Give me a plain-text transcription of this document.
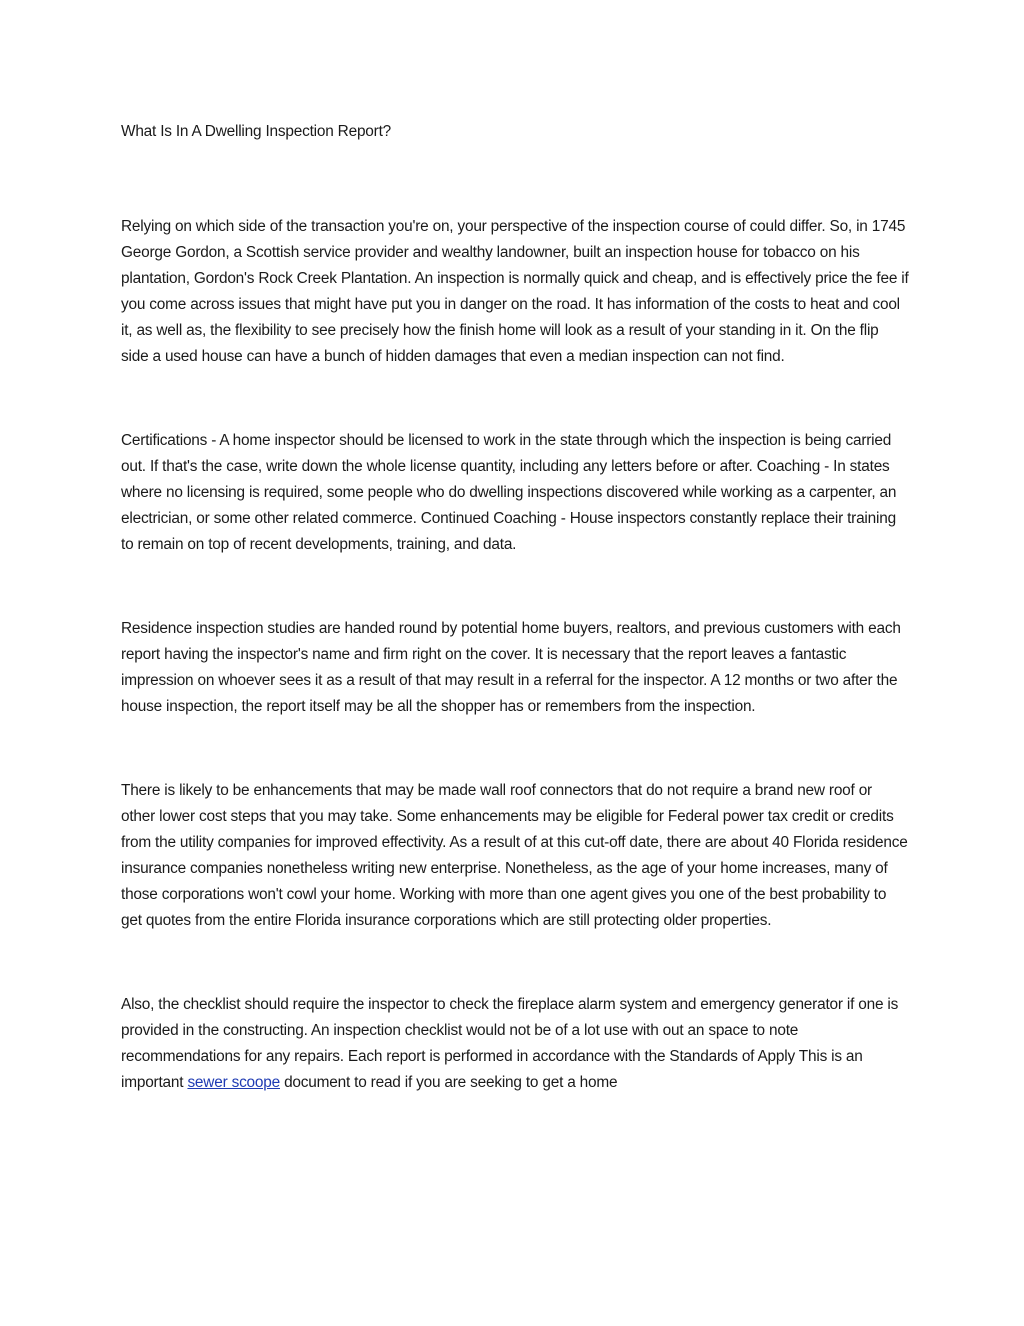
What Is In A Dwelling Inspection Report?

Relying on which side of the transaction you're on, your perspective of the inspection course of could differ. So, in 1745 George Gordon, a Scottish service provider and wealthy landowner, built an inspection house for tobacco on his plantation, Gordon's Rock Creek Plantation. An inspection is normally quick and cheap, and is effectively price the fee if you come across issues that might have put you in danger on the road. It has information of the costs to heat and cool it, as well as, the flexibility to see precisely how the finish home will look as a result of your standing in it. On the flip side a used house can have a bunch of hidden damages that even a median inspection can not find.

Certifications - A home inspector should be licensed to work in the state through which the inspection is being carried out. If that's the case, write down the whole license quantity, including any letters before or after. Coaching - In states where no licensing is required, some people who do dwelling inspections discovered while working as a carpenter, an electrician, or some other related commerce. Continued Coaching - House inspectors constantly replace their training to remain on top of recent developments, training, and data.

Residence inspection studies are handed round by potential home buyers, realtors, and previous customers with each report having the inspector's name and firm right on the cover. It is necessary that the report leaves a fantastic impression on whoever sees it as a result of that may result in a referral for the inspector. A 12 months or two after the house inspection, the report itself may be all the shopper has or remembers from the inspection.

There is likely to be enhancements that may be made wall roof connectors that do not require a brand new roof or other lower cost steps that you may take. Some enhancements may be eligible for Federal power tax credit or credits from the utility companies for improved effectivity. As a result of at this cut-off date, there are about 40 Florida residence insurance companies nonetheless writing new enterprise. Nonetheless, as the age of your home increases, many of those corporations won't cowl your home. Working with more than one agent gives you one of the best probability to get quotes from the entire Florida insurance corporations which are still protecting older properties.

Also, the checklist should require the inspector to check the fireplace alarm system and emergency generator if one is provided in the constructing. An inspection checklist would not be of a lot use with out an space to note recommendations for any repairs. Each report is performed in accordance with the Standards of Apply This is an important sewer scoope document to read if you are seeking to get a home
